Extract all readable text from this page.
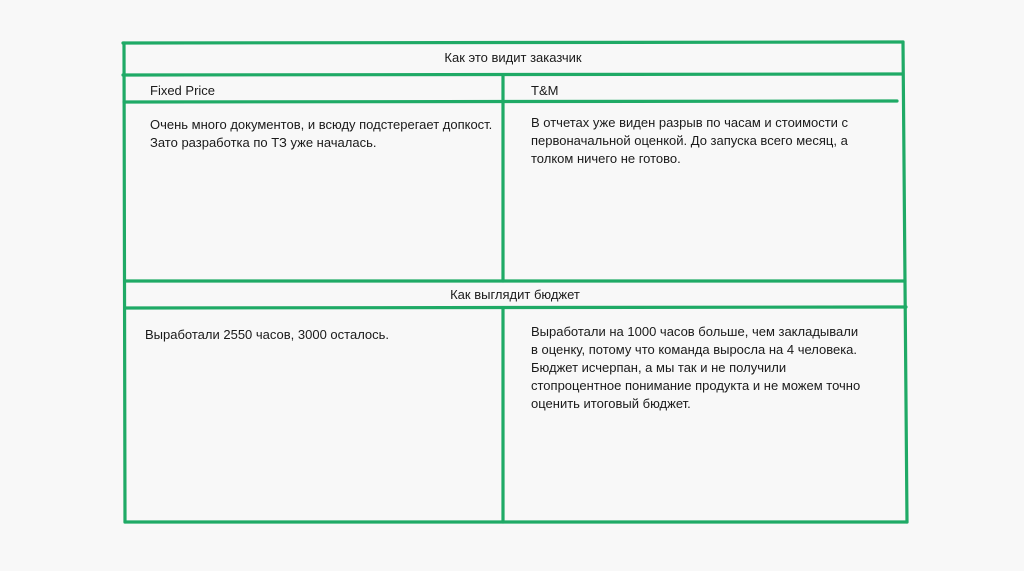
Как это видит заказчик

Fixed Price	T&M

Очень много документов, и всюду подстерегает допкост. Зато разработка по ТЗ уже началась.

В отчетах уже виден разрыв по часам и стоимости с первоначальной оценкой. До запуска всего месяц, а толком ничего не готово.

Как выглядит бюджет

Выработали 2550 часов, 3000 осталось.	Выработали на 1000 часов больше, чем закладывали в оценку, потому что команда выросла на 4 человека. Бюджет исчерпан, а мы так и не получили стопроцентное понимание продукта и не можем точно оценить итоговый бюджет.
